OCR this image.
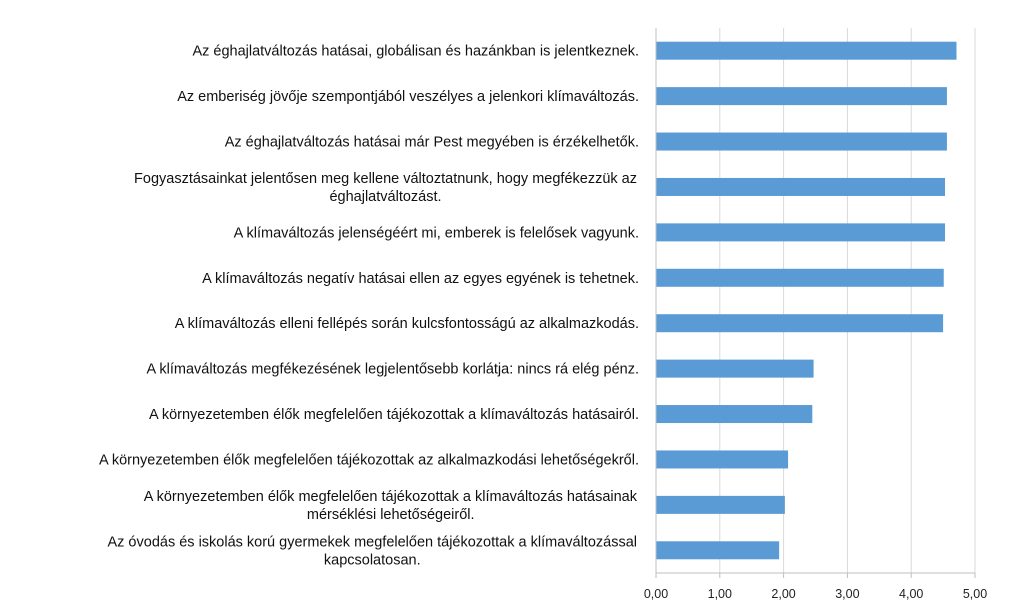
Az éghajlatváltozás hatásai, globálisan és hazánkban is jelentkeznek.
Az emberiség jövője szempontjából veszélyes a jelenkori klímaváltozás.
Az éghajlatváltozás hatásai már Pest megyében is érzékelhetők.
Fogyasztásainkat jelentősen meg kellene változtatnunk, hogy megfékezzük az
éghajlatváltozást.
A klímaváltozás jelenségéért mi, emberek is felelősek vagyunk.
A klímaváltozás negatív hatásai ellen az egyes egyének is tehetnek.
A klímaváltozás elleni fellépés során kulcsfontosságú az alkalmazkodás.
A klímaváltozás megfékezésének legjelentősebb korlátja: nincs rá elég pénz.
A környezetemben élők megfelelően tájékozottak a klímaváltozás hatásairól.
A környezetemben élők megfelelően tájékozottak az alkalmazkodási lehetőségekről.
A környezetemben élők megfelelően tájékozottak a klímaváltozás hatásainak
mérséklési lehetőségeiről.
Az óvodás és iskolás korú gyermekek megfelelően tájékozottak a klímaváltozással
kapcsolatosan.
0,00	1,00	2,00	3,00	4,00	5,00
